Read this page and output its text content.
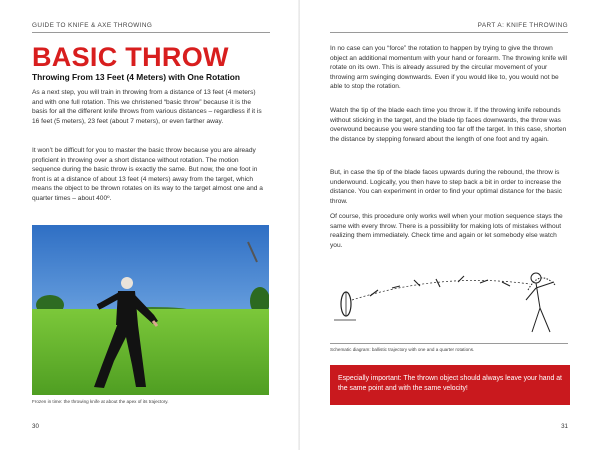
GUIDE TO KNIFE & AXE THROWING
BASIC THROW
Throwing From 13 Feet (4 Meters) with One Rotation

As a next step, you will train in throwing from a distance of 13 feet (4 meters) and with one full rotation. This we christened “basic throw” because it is the basis for all the different knife throws from various distances – regardless if it is 16 feet (5 meters), 23 feet (about 7 meters), or even farther away.

It won’t be difficult for you to master the basic throw because you are already proficient in throwing over a short distance without rotation. The motion sequence during the basic throw is exactly the same. But now, the one foot in front is at a distance of about 13 feet (4 meters) away from the target, which means the object to be thrown rotates on its way to the target almost one and a quarter times – about 400º.

Frozen in time: the throwing knife at about the apex of its trajectory.
30
PART A: KNIFE THROWING

In no case can you “force” the rotation to happen by trying to give the thrown object an additional momentum with your hand or forearm. The throwing knife will rotate on its own. This is already assured by the circular movement of your throwing arm swinging downwards. Even if you would like to, you would not be able to stop the rotation.

Watch the tip of the blade each time you throw it. If the throwing knife rebounds without sticking in the target, and the blade tip faces downwards, the throw was overwound because you were standing too far off the target. In this case, shorten the distance by stepping forward about the length of one foot and try again.

But, in case the tip of the blade faces upwards during the rebound, the throw is underwound. Logically, you then have to step back a bit in order to increase the distance. You can experiment in order to find your optimal distance for the basic throw.

Of course, this procedure only works well when your motion sequence stays the same with every throw. There is a possibility for making lots of mistakes without realizing them immediately. Check time and again or let somebody else watch you.

Schematic diagram: ballistic trajectory with one and a quarter rotations.
Especially important: The thrown object should always leave your hand at the same point and with the same velocity!
31
